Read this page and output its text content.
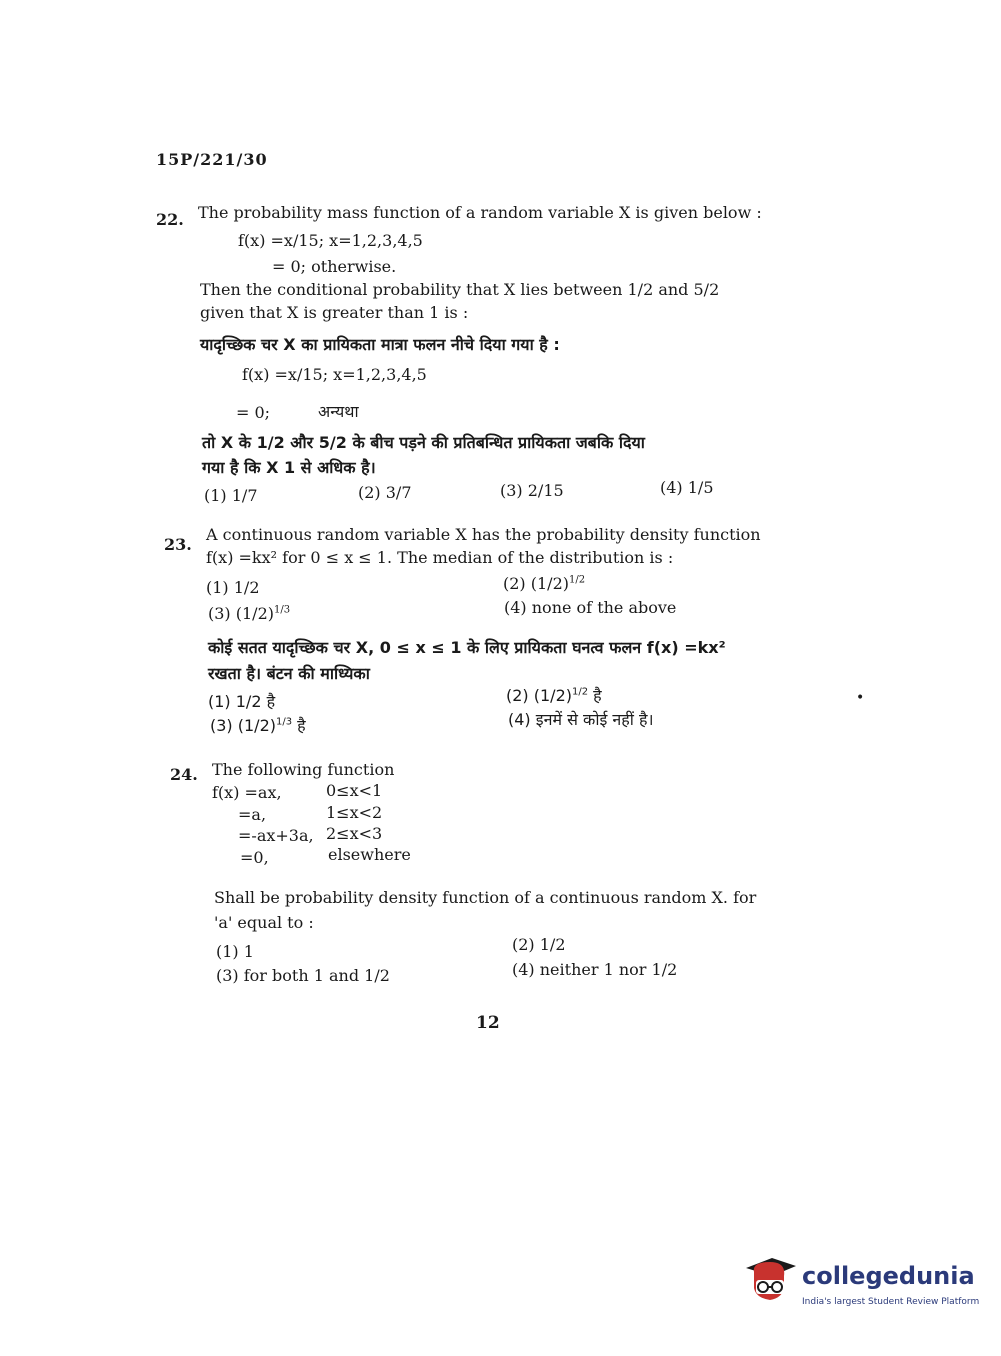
15P/221/30
22. The probability mass function of a random variable X is given below :
f(x) =x/15; x=1,2,3,4,5
= 0; otherwise.
Then the conditional probability that X lies between 1/2 and 5/2
given that X is greater than 1 is :
यादृच्छिक चर X का प्रायिकता मात्रा फलन नीचे दिया गया है :
f(x) =x/15; x=1,2,3,4,5
= 0;	अन्यथा
तो X के 1/2 और 5/2 के बीच पड़ने की प्रतिबन्धित प्रायिकता जबकि दिया
गया है कि X 1 से अधिक है।
(1) 1/7	(2) 3/7	(3) 2/15	(4) 1/5
23.
A continuous random variable X has the probability density function
f(x) =kx² for 0 ≤ x ≤ 1. The median of the distribution is :
(1) 1/2	(2) $(1/2)^{1/2}$
(3) $(1/2)^{1/3}$	(4) none of the above
कोई सतत यादृच्छिक चर X, 0 ≤ x ≤ 1 के लिए प्रायिकता घनत्व फलन f(x) =kx²
रखता है। बंटन की माध्यिका
(1) 1/2 है	(2) $(1/2)^{1/2}$ है
(3) $(1/2)^{1/3}$ है	(4) इनमें से कोई नहीं है।
•
24. The following function
f(x) =ax,	0≤x<1
=a,	1≤x<2
=-ax+3a, 2≤x<3
=0,	elsewhere
Shall be probability density function of a continuous random X. for
'a' equal to :
(1) 1	(2) 1/2
(3) for both 1 and 1/2	(4) neither 1 nor 1/2
12
collegedunia
India's largest Student Review Platform
